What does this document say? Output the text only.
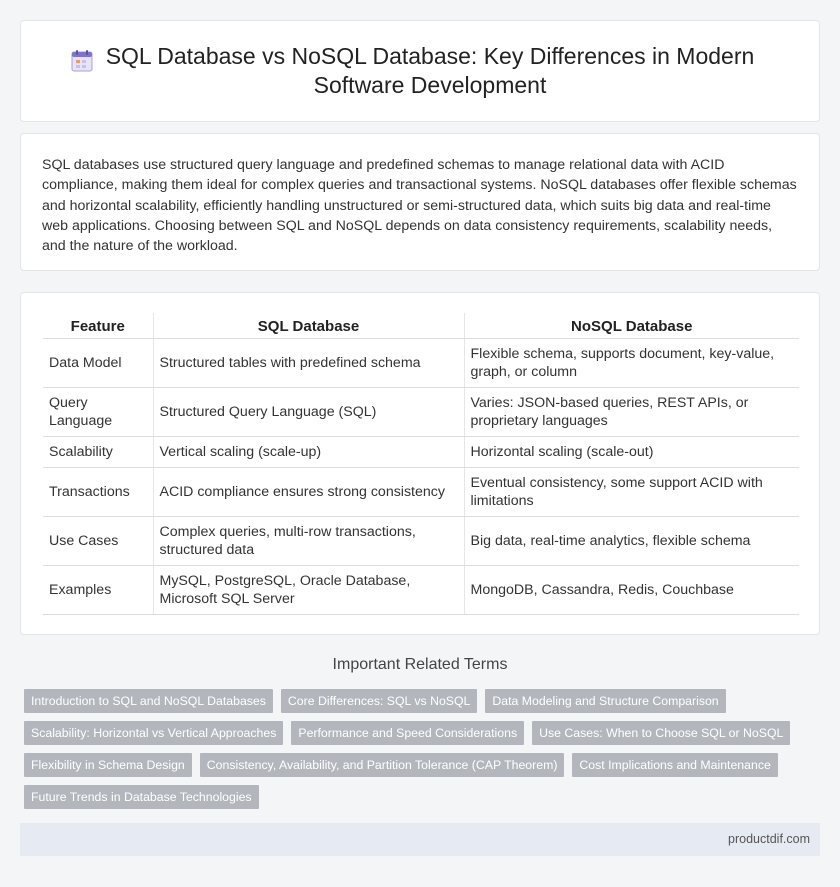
SQL Database vs NoSQL Database: Key Differences in Modern Software Development

SQL databases use structured query language and predefined schemas to manage relational data with ACID compliance, making them ideal for complex queries and transactional systems. NoSQL databases offer flexible schemas and horizontal scalability, efficiently handling unstructured or semi-structured data, which suits big data and real-time web applications. Choosing between SQL and NoSQL depends on data consistency requirements, scalability needs, and the nature of the workload.

Feature	SQL Database	NoSQL Database
Data Model	Structured tables with predefined schema	Flexible schema, supports document, key-value, graph, or column
Query Language	Structured Query Language (SQL)	Varies: JSON-based queries, REST APIs, or proprietary languages
Scalability	Vertical scaling (scale-up)	Horizontal scaling (scale-out)
Transactions	ACID compliance ensures strong consistency	Eventual consistency, some support ACID with limitations
Use Cases	Complex queries, multi-row transactions, structured data	Big data, real-time analytics, flexible schema
Examples	MySQL, PostgreSQL, Oracle Database, Microsoft SQL Server	MongoDB, Cassandra, Redis, Couchbase
Important Related Terms
Introduction to SQL and NoSQL Databases	Core Differences: SQL vs NoSQL	Data Modeling and Structure Comparison
Scalability: Horizontal vs Vertical Approaches	Performance and Speed Considerations	Use Cases: When to Choose SQL or NoSQL
Flexibility in Schema Design	Consistency, Availability, and Partition Tolerance (CAP Theorem)	Cost Implications and Maintenance
Future Trends in Database Technologies
productdif.com
